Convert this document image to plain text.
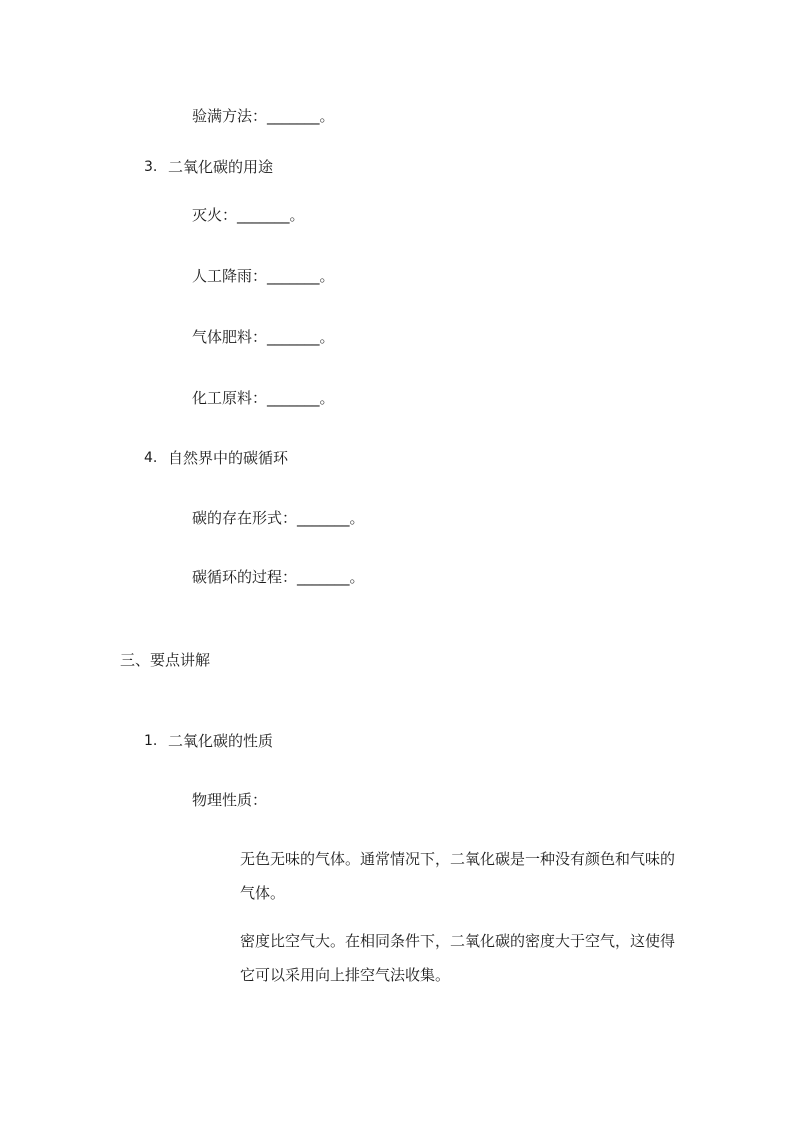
验满方法：_______。
3. 二氧化碳的用途
灭火：_______。
人工降雨：_______。
气体肥料：_______。
化工原料：_______。
4. 自然界中的碳循环
碳的存在形式：_______。
碳循环的过程：_______。
三、要点讲解
1. 二氧化碳的性质
物理性质：
无色无味的气体。通常情况下，二氧化碳是一种没有颜色和气味的气体。
密度比空气大。在相同条件下，二氧化碳的密度大于空气，这使得它可以采用向上排空气法收集。
